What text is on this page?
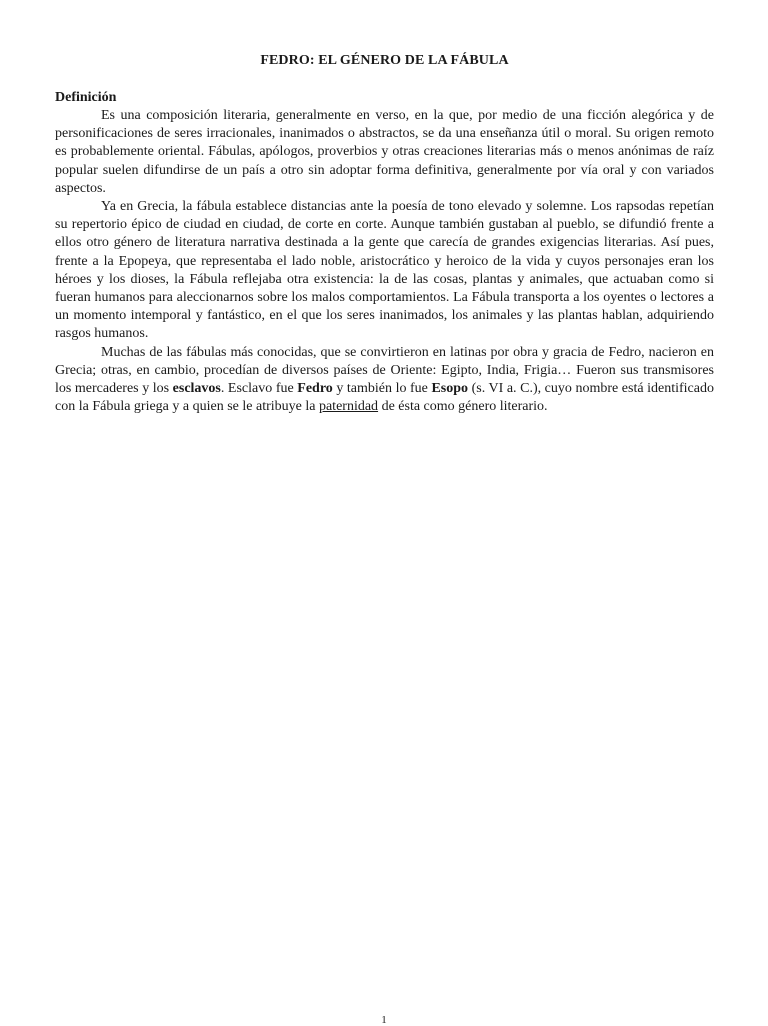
FEDRO: EL GÉNERO DE LA FÁBULA

Definición

Es una composición literaria, generalmente en verso, en la que, por medio de una ficción alegórica y de personificaciones de seres irracionales, inanimados o abstractos, se da una enseñanza útil o moral. Su origen remoto es probablemente oriental. Fábulas, apólogos, proverbios y otras creaciones literarias más o menos anónimas de raíz popular suelen difundirse de un país a otro sin adoptar forma definitiva, generalmente por vía oral y con variados aspectos.

Ya en Grecia, la fábula establece distancias ante la poesía de tono elevado y solemne. Los rapsodas repetían su repertorio épico de ciudad en ciudad, de corte en corte. Aunque también gustaban al pueblo, se difundió frente a ellos otro género de literatura narrativa destinada a la gente que carecía de grandes exigencias literarias. Así pues, frente a la Epopeya, que representaba el lado noble, aristocrático y heroico de la vida y cuyos personajes eran los héroes y los dioses, la Fábula reflejaba otra existencia: la de las cosas, plantas y animales, que actuaban como si fueran humanos para aleccionarnos sobre los malos comportamientos. La Fábula transporta a los oyentes o lectores a un momento intemporal y fantástico, en el que los seres inanimados, los animales y las plantas hablan, adquiriendo rasgos humanos.

Muchas de las fábulas más conocidas, que se convirtieron en latinas por obra y gracia de Fedro, nacieron en Grecia; otras, en cambio, procedían de diversos países de Oriente: Egipto, India, Frigia… Fueron sus transmisores los mercaderes y los esclavos. Esclavo fue Fedro y también lo fue Esopo (s. VI a. C.), cuyo nombre está identificado con la Fábula griega y a quien se le atribuye la paternidad de ésta como género literario.

1
